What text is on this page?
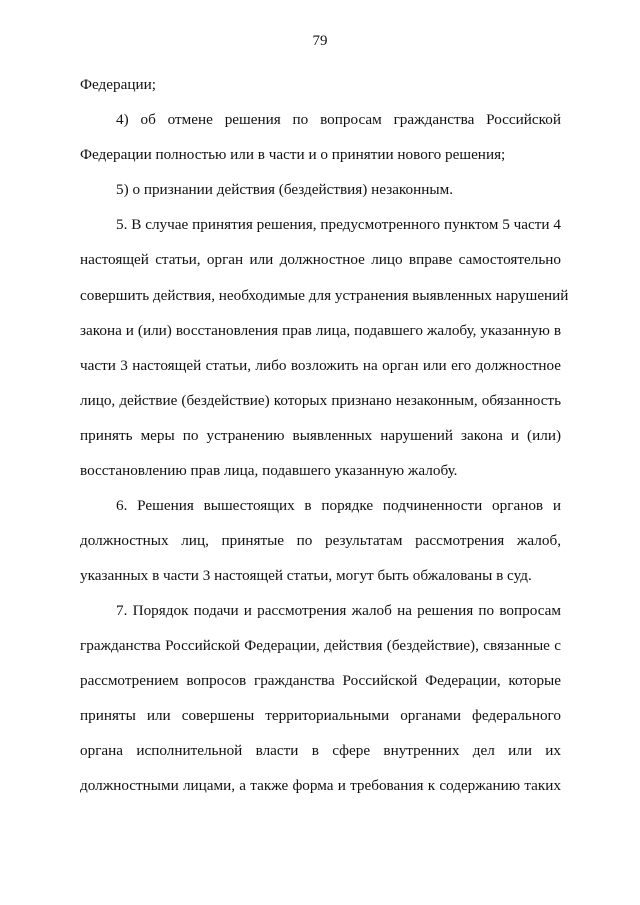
79
Федерации;
4) об отмене решения по вопросам гражданства Российской
Федерации полностью или в части и о принятии нового решения;
5) о признании действия (бездействия) незаконным.
5. В случае принятия решения, предусмотренного пунктом 5 части 4
настоящей статьи, орган или должностное лицо вправе самостоятельно
совершить действия, необходимые для устранения выявленных нарушений
закона и (или) восстановления прав лица, подавшего жалобу, указанную в
части 3 настоящей статьи, либо возложить на орган или его должностное
лицо, действие (бездействие) которых признано незаконным, обязанность
принять меры по устранению выявленных нарушений закона и (или)
восстановлению прав лица, подавшего указанную жалобу.
6. Решения вышестоящих в порядке подчиненности органов и
должностных лиц, принятые по результатам рассмотрения жалоб,
указанных в части 3 настоящей статьи, могут быть обжалованы в суд.
7. Порядок подачи и рассмотрения жалоб на решения по вопросам
гражданства Российской Федерации, действия (бездействие), связанные с
рассмотрением вопросов гражданства Российской Федерации, которые
приняты или совершены территориальными органами федерального
органа исполнительной власти в сфере внутренних дел или их
должностными лицами, а также форма и требования к содержанию таких
